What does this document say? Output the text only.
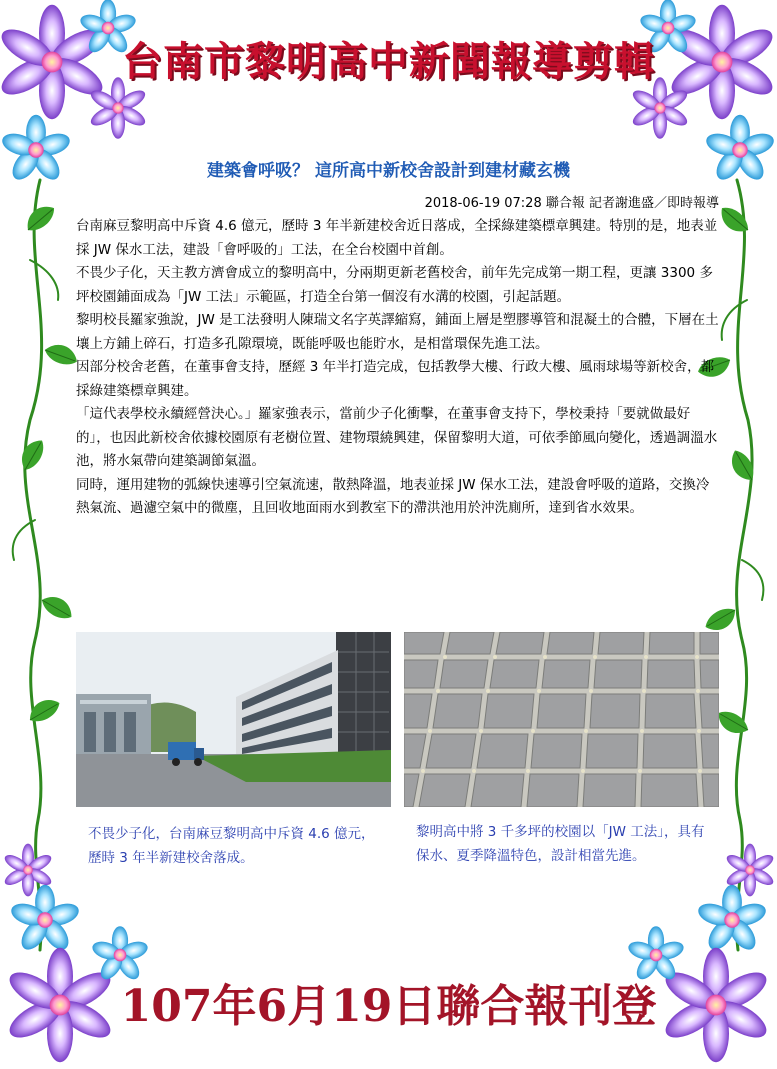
台南市黎明高中新聞報導剪輯
建築會呼吸？ 這所高中新校舍設計到建材藏玄機
2018-06-19 07:28 聯合報 記者謝進盛／即時報導

台南麻豆黎明高中斥資 4.6 億元，歷時 3 年半新建校舍近日落成，全採綠建築標章興建。特別的是，地表並採 JW 保水工法，建設「會呼吸的」工法，在全台校園中首創。

不畏少子化，天主教方濟會成立的黎明高中，分兩期更新老舊校舍，前年先完成第一期工程，更讓 3300 多坪校園鋪面成為「JW 工法」示範區，打造全台第一個沒有水溝的校園，引起話題。

黎明校長羅家強說，JW 是工法發明人陳瑞文名字英譯縮寫，鋪面上層是塑膠導管和混凝土的合體，下層在土壤上方鋪上碎石，打造多孔隙環境，既能呼吸也能貯水，是相當環保先進工法。

因部分校舍老舊，在董事會支持，歷經 3 年半打造完成，包括教學大樓、行政大樓、風雨球場等新校舍，都採綠建築標章興建。

「這代表學校永續經營決心。」羅家強表示，當前少子化衝擊，在董事會支持下，學校秉持「要就做最好的」，也因此新校舍依據校園原有老樹位置、建物環繞興建，保留黎明大道，可依季節風向變化，透過調溫水池，將水氣帶向建築調節氣溫。

同時，運用建物的弧線快速導引空氣流速，散熱降溫，地表並採 JW 保水工法，建設會呼吸的道路，交換冷熱氣流、過濾空氣中的微塵，且回收地面雨水到教室下的滯洪池用於沖洗廁所，達到省水效果。

不畏少子化，台南麻豆黎明高中斥資 4.6 億元，歷時 3 年半新建校舍落成。
黎明高中將 3 千多坪的校園以「JW 工法」，具有保水、夏季降溫特色，設計相當先進。
107年6月19日聯合報刊登
